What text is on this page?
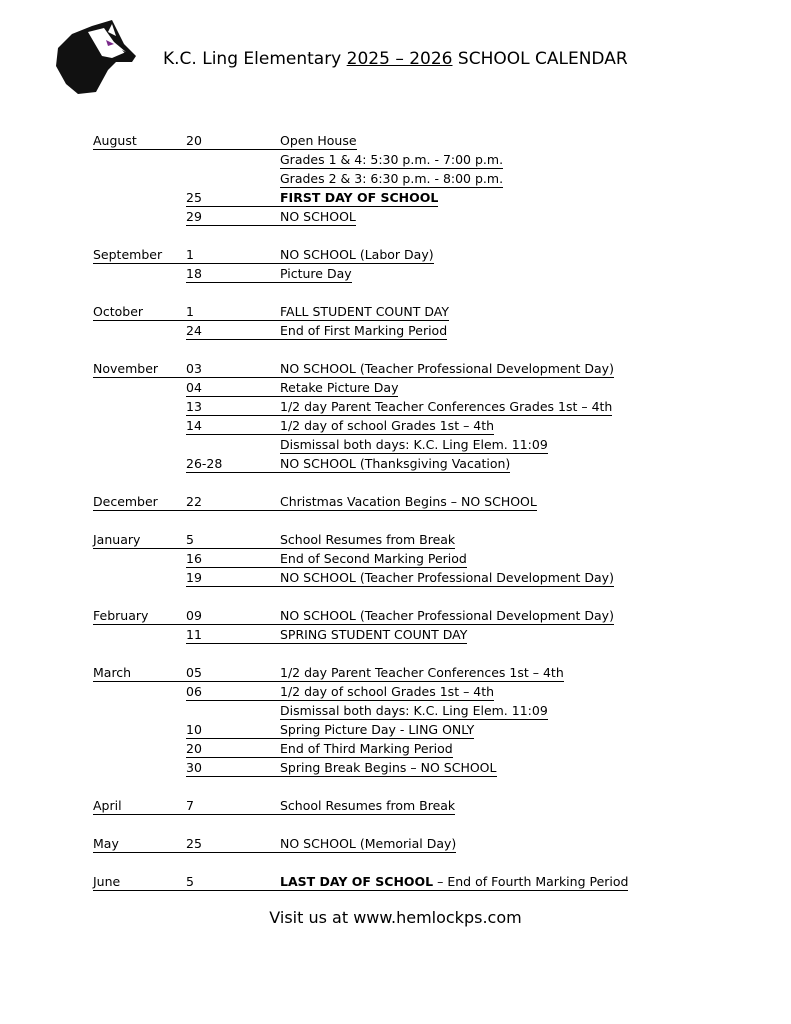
K.C. Ling Elementary 2025 – 2026 SCHOOL CALENDAR
August	20	Open House
Grades 1 & 4: 5:30 p.m. - 7:00 p.m.
Grades 2 & 3: 6:30 p.m. - 8:00 p.m.
25	FIRST DAY OF SCHOOL
29	NO SCHOOL
September	1	NO SCHOOL (Labor Day)
18	Picture Day
October	1	FALL STUDENT COUNT DAY
24	End of First Marking Period
November	03	NO SCHOOL (Teacher Professional Development Day)
04	Retake Picture Day
13	1/2 day Parent Teacher Conferences Grades 1st – 4th
14	1/2 day of school Grades 1st – 4th
Dismissal both days: K.C. Ling Elem. 11:09
26-28	NO SCHOOL (Thanksgiving Vacation)
December	22	Christmas Vacation Begins – NO SCHOOL
January	5	School Resumes from Break
16	End of Second Marking Period
19	NO SCHOOL (Teacher Professional Development Day)
February	09	NO SCHOOL (Teacher Professional Development Day)
11	SPRING STUDENT COUNT DAY
March	05	1/2 day Parent Teacher Conferences 1st – 4th
06	1/2 day of school Grades 1st – 4th
Dismissal both days: K.C. Ling Elem. 11:09
10	Spring Picture Day - LING ONLY
20	End of Third Marking Period
30	Spring Break Begins – NO SCHOOL
April	7	School Resumes from Break
May	25	NO SCHOOL (Memorial Day)
June	5	LAST DAY OF SCHOOL – End of Fourth Marking Period
Visit us at www.hemlockps.com
